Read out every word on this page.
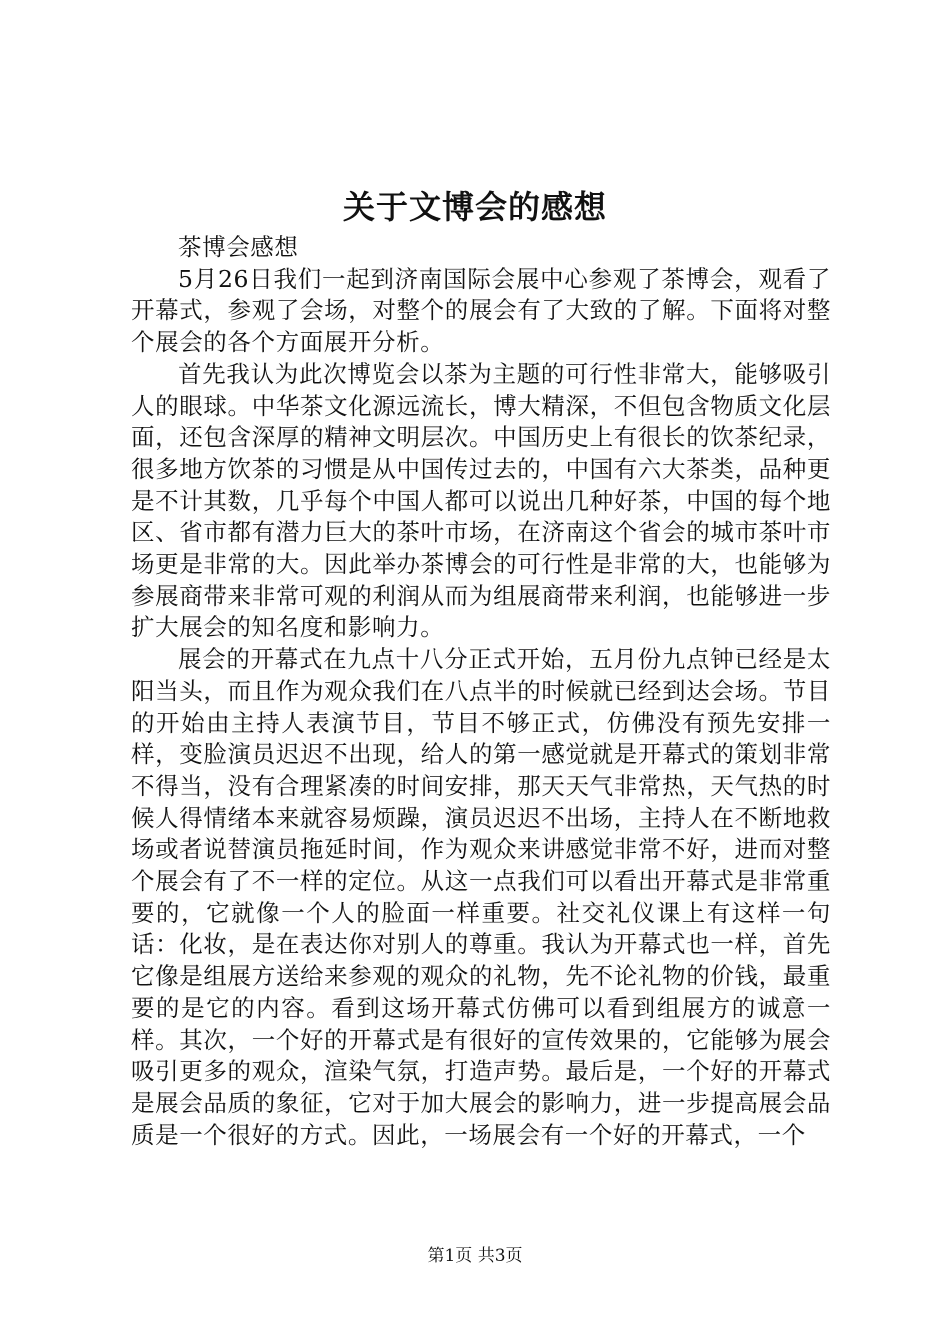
关于文博会的感想

茶博会感想

5月26日我们一起到济南国际会展中心参观了茶博会，观看了开幕式，参观了会场，对整个的展会有了大致的了解。下面将对整个展会的各个方面展开分析。

首先我认为此次博览会以茶为主题的可行性非常大，能够吸引人的眼球。中华茶文化源远流长，博大精深，不但包含物质文化层面，还包含深厚的精神文明层次。中国历史上有很长的饮茶纪录，很多地方饮茶的习惯是从中国传过去的，中国有六大茶类，品种更是不计其数，几乎每个中国人都可以说出几种好茶，中国的每个地区、省市都有潜力巨大的茶叶市场，在济南这个省会的城市茶叶市场更是非常的大。因此举办茶博会的可行性是非常的大，也能够为参展商带来非常可观的利润从而为组展商带来利润，也能够进一步扩大展会的知名度和影响力。

展会的开幕式在九点十八分正式开始，五月份九点钟已经是太阳当头，而且作为观众我们在八点半的时候就已经到达会场。节目的开始由主持人表演节目，节目不够正式，仿佛没有预先安排一样，变脸演员迟迟不出现，给人的第一感觉就是开幕式的策划非常不得当，没有合理紧凑的时间安排，那天天气非常热，天气热的时候人得情绪本来就容易烦躁，演员迟迟不出场，主持人在不断地救场或者说替演员拖延时间，作为观众来讲感觉非常不好，进而对整个展会有了不一样的定位。从这一点我们可以看出开幕式是非常重要的，它就像一个人的脸面一样重要。社交礼仪课上有这样一句话：化妆，是在表达你对别人的尊重。我认为开幕式也一样，首先它像是组展方送给来参观的观众的礼物，先不论礼物的价钱，最重要的是它的内容。看到这场开幕式仿佛可以看到组展方的诚意一样。其次，一个好的开幕式是有很好的宣传效果的，它能够为展会吸引更多的观众，渲染气氛，打造声势。最后是，一个好的开幕式是展会品质的象征，它对于加大展会的影响力，进一步提高展会品质是一个很好的方式。因此，一场展会有一个好的开幕式，一个

第1页 共3页
